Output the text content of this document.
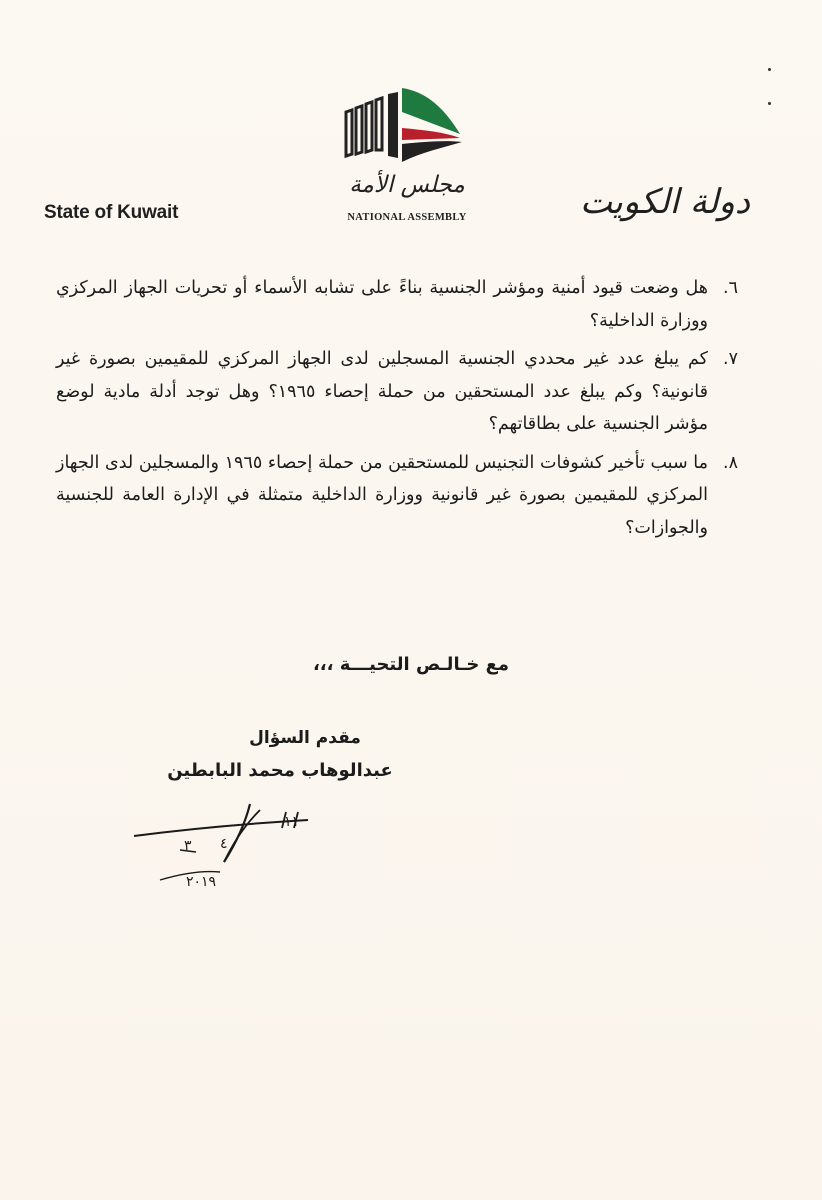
State of Kuwait
مجلس الأمة
NATIONAL ASSEMBLY	دولة الكويت
٦.
هل وضعت قيود أمنية ومؤشر الجنسية بناءً على تشابه الأسماء أو تحريات الجهاز المركزي ووزارة الداخلية؟
٧.
كم يبلغ عدد غير محددي الجنسية المسجلين لدى الجهاز المركزي للمقيمين بصورة غير قانونية؟ وكم يبلغ عدد المستحقين من حملة إحصاء ١٩٦٥؟ وهل توجد أدلة مادية لوضع مؤشر الجنسية على بطاقاتهم؟
٨.
ما سبب تأخير كشوفات التجنيس للمستحقين من حملة إحصاء ١٩٦٥ والمسجلين لدى الجهاز المركزي للمقيمين بصورة غير قانونية ووزارة الداخلية متمثلة في الإدارة العامة للجنسية والجوازات؟
مع خـالـص التحيـــة ،،،
مقدم السؤال
عبدالوهاب محمد البابطين
١١
٤
٣
٢٠١٩
